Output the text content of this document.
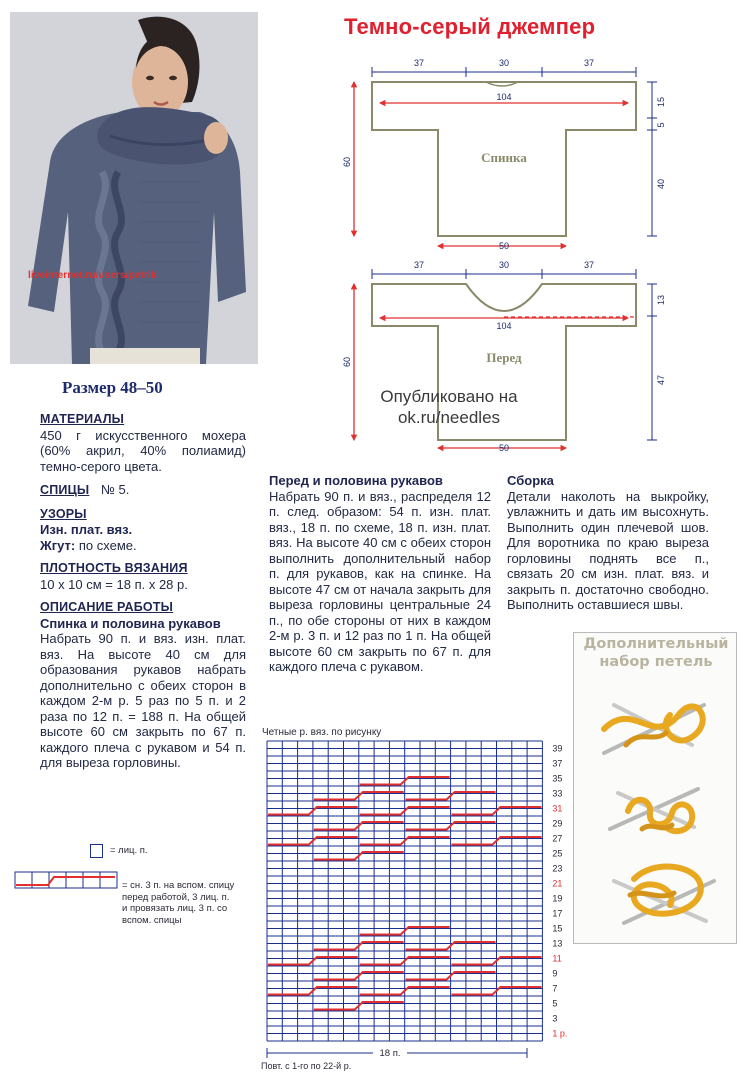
liveinternet.ru/users/petrik
Темно-серый джемпер
Размер 48–50
37	30	37
104
Спинка
50
60
15
5
40
37	30	37
104
Перед
50
60
13
47
Опубликовано на
ok.ru/needles
МАТЕРИАЛЫ
450 г искусственного мохера (60% акрил, 40% полиамид) темно-серого цвета.
СПИЦЫ № 5.
УЗОРЫ
Изн. плат. вяз.
Жгут: по схеме.
ПЛОТНОСТЬ ВЯЗАНИЯ
10 х 10 см = 18 п. х 28 р.
ОПИСАНИЕ РАБОТЫ
Спинка и половина рукавов
Набрать 90 п. и вяз. изн. плат. вяз. На высоте 40 см для образования рукавов набрать дополнительно с обеих сторон в каждом 2-м р. 5 раз по 5 п. и 2 раза по 12 п. = 188 п. На общей высоте 60 см закрыть по 67 п. каждого плеча с рукавом и 54 п. для выреза горловины.
Перед и половина рукавов
Набрать 90 п. и вяз., распределя 12 п. след. образом: 54 п. изн. плат. вяз., 18 п. по схеме, 18 п. изн. плат. вяз. На высоте 40 см с обеих сторон выполнить дополнительный набор п. для рукавов, как на спинке. На высоте 47 см от начала закрыть для выреза горловины центральные 24 п., по обе стороны от них в каждом 2-м р. 3 п. и 12 раз по 1 п. На общей высоте 60 см закрыть по 67 п. для каждого плеча с рукавом.
Сборка
Детали наколоть на выкройку, увлажнить и дать им высохнуть. Выполнить один плечевой шов. Для воротника по краю выреза горловины поднять все п., связать 20 см изн. плат. вяз. и закрыть п. достаточно свободно. Выполнить оставшиеся швы.
= лиц. п.
= сн. 3 п. на вспом. спицу
перед работой, 3 лиц. п.
и провязать лиц. 3 п. со
вспом. спицы
Четные р. вяз. по рисунку
39
37
35
33
31
29
27
25
23
21
19
17
15
13
11
9
7
5
3
1 р.
18 п.
Повт. с 1-го по 22-й р.
Дополнительный
набор петель
